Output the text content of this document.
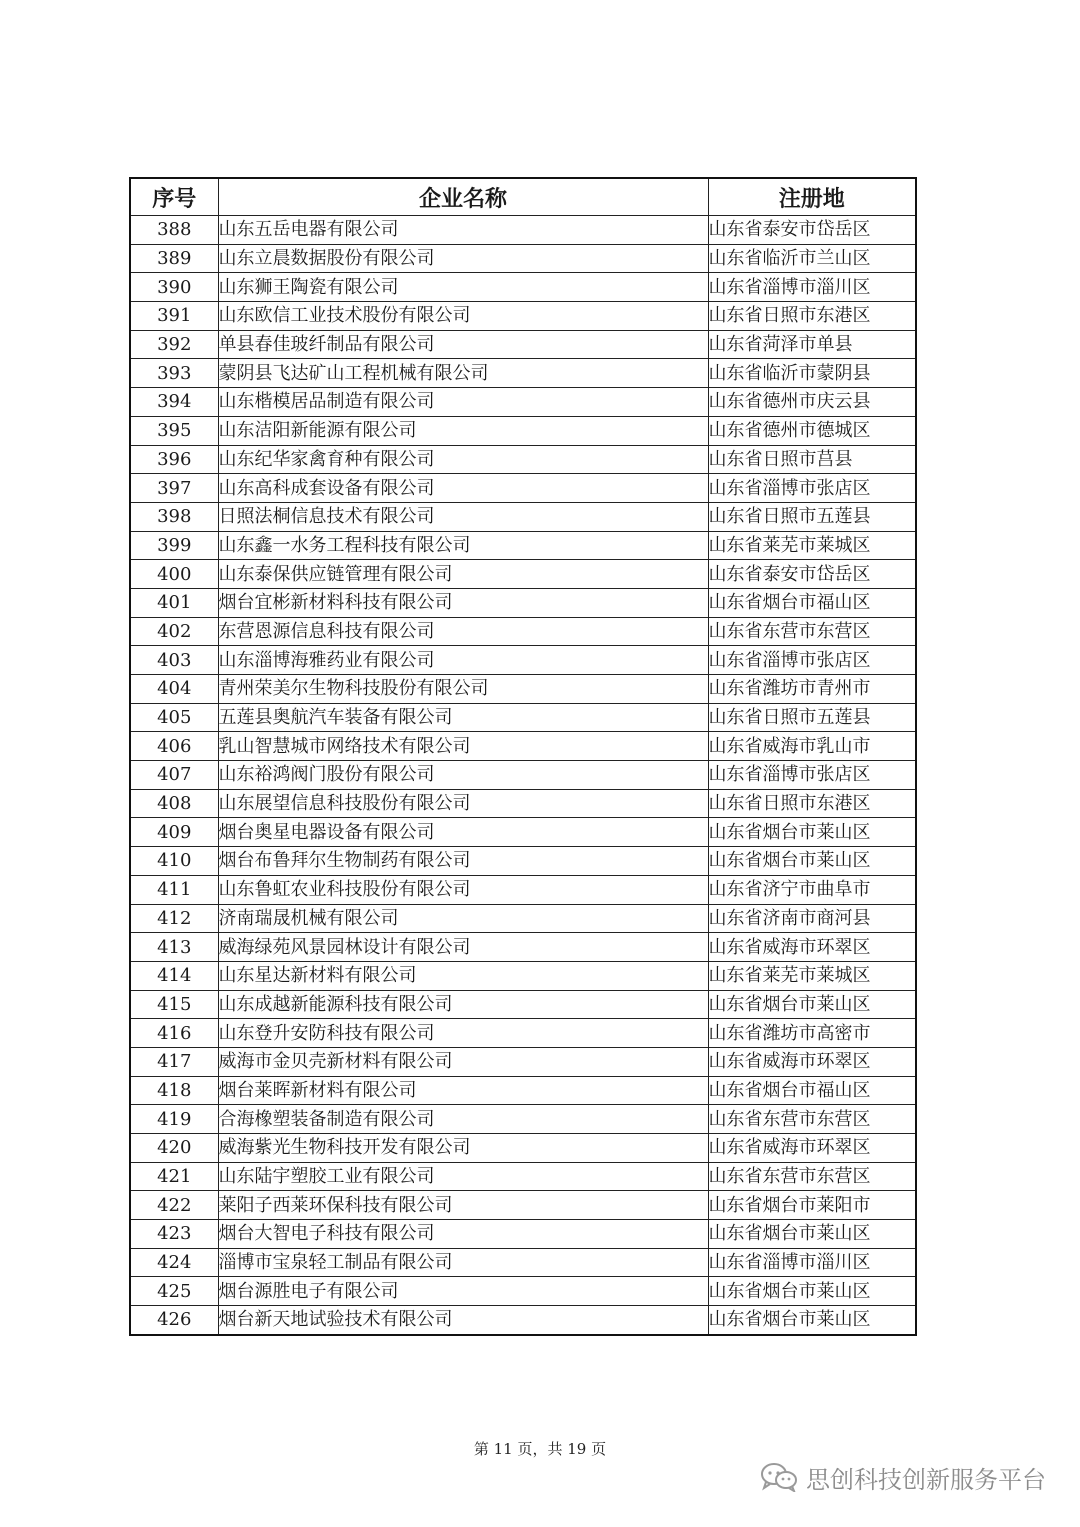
序号	企业名称	注册地
388	山东五岳电器有限公司	山东省泰安市岱岳区
389	山东立晨数据股份有限公司	山东省临沂市兰山区
390	山东狮王陶瓷有限公司	山东省淄博市淄川区
391	山东欧信工业技术股份有限公司	山东省日照市东港区
392	单县春佳玻纤制品有限公司	山东省菏泽市单县
393	蒙阴县飞达矿山工程机械有限公司	山东省临沂市蒙阴县
394	山东楷模居品制造有限公司	山东省德州市庆云县
395	山东洁阳新能源有限公司	山东省德州市德城区
396	山东纪华家禽育种有限公司	山东省日照市莒县
397	山东高科成套设备有限公司	山东省淄博市张店区
398	日照法桐信息技术有限公司	山东省日照市五莲县
399	山东鑫一水务工程科技有限公司	山东省莱芜市莱城区
400	山东泰保供应链管理有限公司	山东省泰安市岱岳区
401	烟台宜彬新材料科技有限公司	山东省烟台市福山区
402	东营恩源信息科技有限公司	山东省东营市东营区
403	山东淄博海雅药业有限公司	山东省淄博市张店区
404	青州荣美尔生物科技股份有限公司	山东省潍坊市青州市
405	五莲县奥航汽车装备有限公司	山东省日照市五莲县
406	乳山智慧城市网络技术有限公司	山东省威海市乳山市
407	山东裕鸿阀门股份有限公司	山东省淄博市张店区
408	山东展望信息科技股份有限公司	山东省日照市东港区
409	烟台奥星电器设备有限公司	山东省烟台市莱山区
410	烟台布鲁拜尔生物制药有限公司	山东省烟台市莱山区
411	山东鲁虹农业科技股份有限公司	山东省济宁市曲阜市
412	济南瑞晟机械有限公司	山东省济南市商河县
413	威海绿苑风景园林设计有限公司	山东省威海市环翠区
414	山东星达新材料有限公司	山东省莱芜市莱城区
415	山东成越新能源科技有限公司	山东省烟台市莱山区
416	山东登升安防科技有限公司	山东省潍坊市高密市
417	威海市金贝壳新材料有限公司	山东省威海市环翠区
418	烟台莱晖新材料有限公司	山东省烟台市福山区
419	合海橡塑装备制造有限公司	山东省东营市东营区
420	威海紫光生物科技开发有限公司	山东省威海市环翠区
421	山东陆宇塑胶工业有限公司	山东省东营市东营区
422	莱阳子西莱环保科技有限公司	山东省烟台市莱阳市
423	烟台大智电子科技有限公司	山东省烟台市莱山区
424	淄博市宝泉轻工制品有限公司	山东省淄博市淄川区
425	烟台源胜电子有限公司	山东省烟台市莱山区
426	烟台新天地试验技术有限公司	山东省烟台市莱山区
第 11 页，共 19 页
思创科技创新服务平台
